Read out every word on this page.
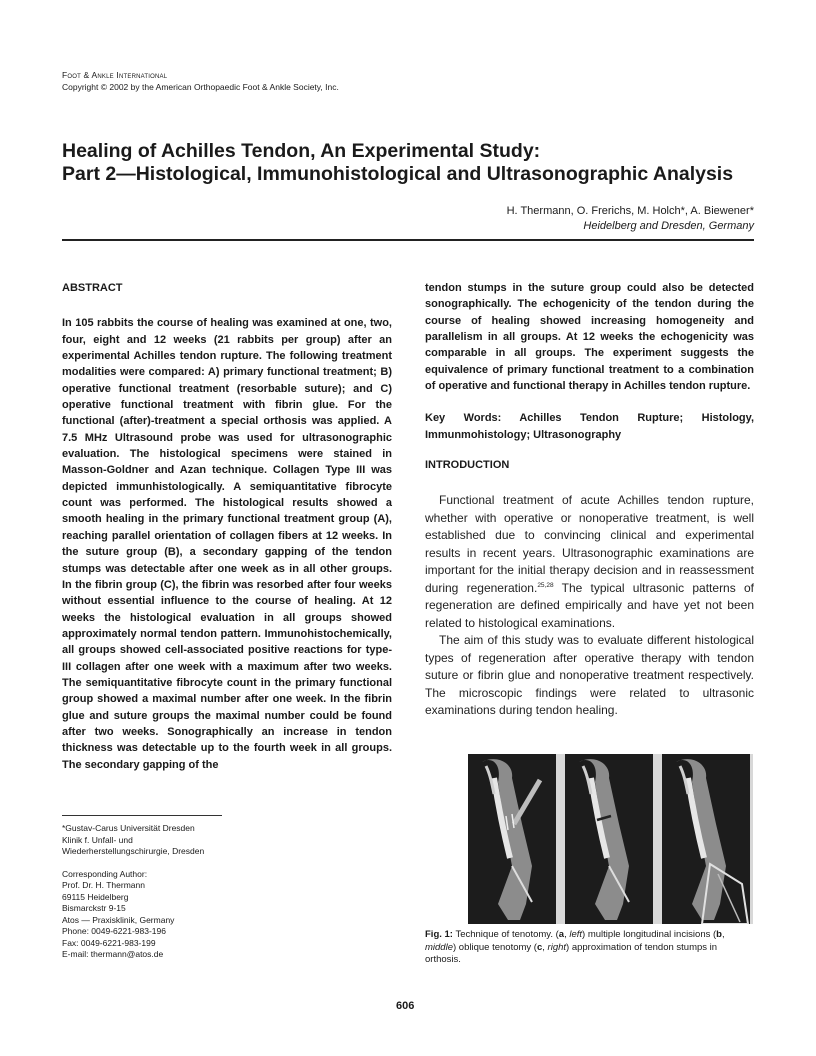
Foot & Ankle International
Copyright © 2002 by the American Orthopaedic Foot & Ankle Society, Inc.
Healing of Achilles Tendon, An Experimental Study:
Part 2—Histological, Immunohistological and Ultrasonographic Analysis
H. Thermann, O. Frerichs, M. Holch*, A. Biewener*
Heidelberg and Dresden, Germany
ABSTRACT

In 105 rabbits the course of healing was examined at one, two, four, eight and 12 weeks (21 rabbits per group) after an experimental Achilles tendon rupture. The following treatment modalities were compared: A) primary functional treatment; B) operative functional treatment (resorbable suture); and C) operative functional treatment with fibrin glue. For the functional (after)-treatment a special orthosis was applied. A 7.5 MHz Ultrasound probe was used for ultrasonographic evaluation. The histological specimens were stained in Masson-Goldner and Azan technique. Collagen Type III was depicted immunhistologically. A semiquantitative fibrocyte count was performed. The histological results showed a smooth healing in the primary functional treatment group (A), reaching parallel orientation of collagen fibers at 12 weeks. In the suture group (B), a secondary gapping of the tendon stumps was detectable after one week as in all other groups. In the fibrin group (C), the fibrin was resorbed after four weeks without essential influence to the course of healing. At 12 weeks the histological evaluation in all groups showed approximately normal tendon pattern. Immunohistochemically, all groups showed cell-associated positive reactions for type-III collagen after one week with a maximum after two weeks. The semiquantitative fibrocyte count in the primary functional group showed a maximal number after one week. In the fibrin glue and suture groups the maximal number could be found after two weeks. Sonographically an increase in tendon thickness was detectable up to the fourth week in all groups. The secondary gapping of the

tendon stumps in the suture group could also be detected sonographically. The echogenicity of the tendon during the course of healing showed increasing homogeneity and parallelism in all groups. At 12 weeks the echogenicity was comparable in all groups. The experiment suggests the equivalence of primary functional treatment to a combination of operative and functional therapy in Achilles tendon rupture.

Key Words: Achilles Tendon Rupture; Histology, Immunmohistology; Ultrasonography

INTRODUCTION

Functional treatment of acute Achilles tendon rupture, whether with operative or nonoperative treatment, is well established due to convincing clinical and experimental results in recent years. Ultrasonographic examinations are important for the initial therapy decision and in reassessment during regeneration.$^{25,28}$ The typical ultrasonic patterns of regeneration are defined empirically and have yet not been related to histological examinations.

The aim of this study was to evaluate different histological types of regeneration after operative therapy with tendon suture or fibrin glue and nonoperative treatment respectively. The microscopic findings were related to ultrasonic examinations during tendon healing.

*Gustav-Carus Universität Dresden
Klinik f. Unfall- und
Wiederherstellungschirurgie, Dresden
Corresponding Author:
Prof. Dr. H. Thermann
69115 Heidelberg
Bismarckstr 9-15
Atos — Praxisklinik, Germany
Phone: 0049-6221-983-196
Fax: 0049-6221-983-199
E-mail: thermann@atos.de
Fig. 1: Technique of tenotomy. (a, left) multiple longitudinal incisions (b, middle) oblique tenotomy (c, right) approximation of tendon stumps in orthosis.
606
